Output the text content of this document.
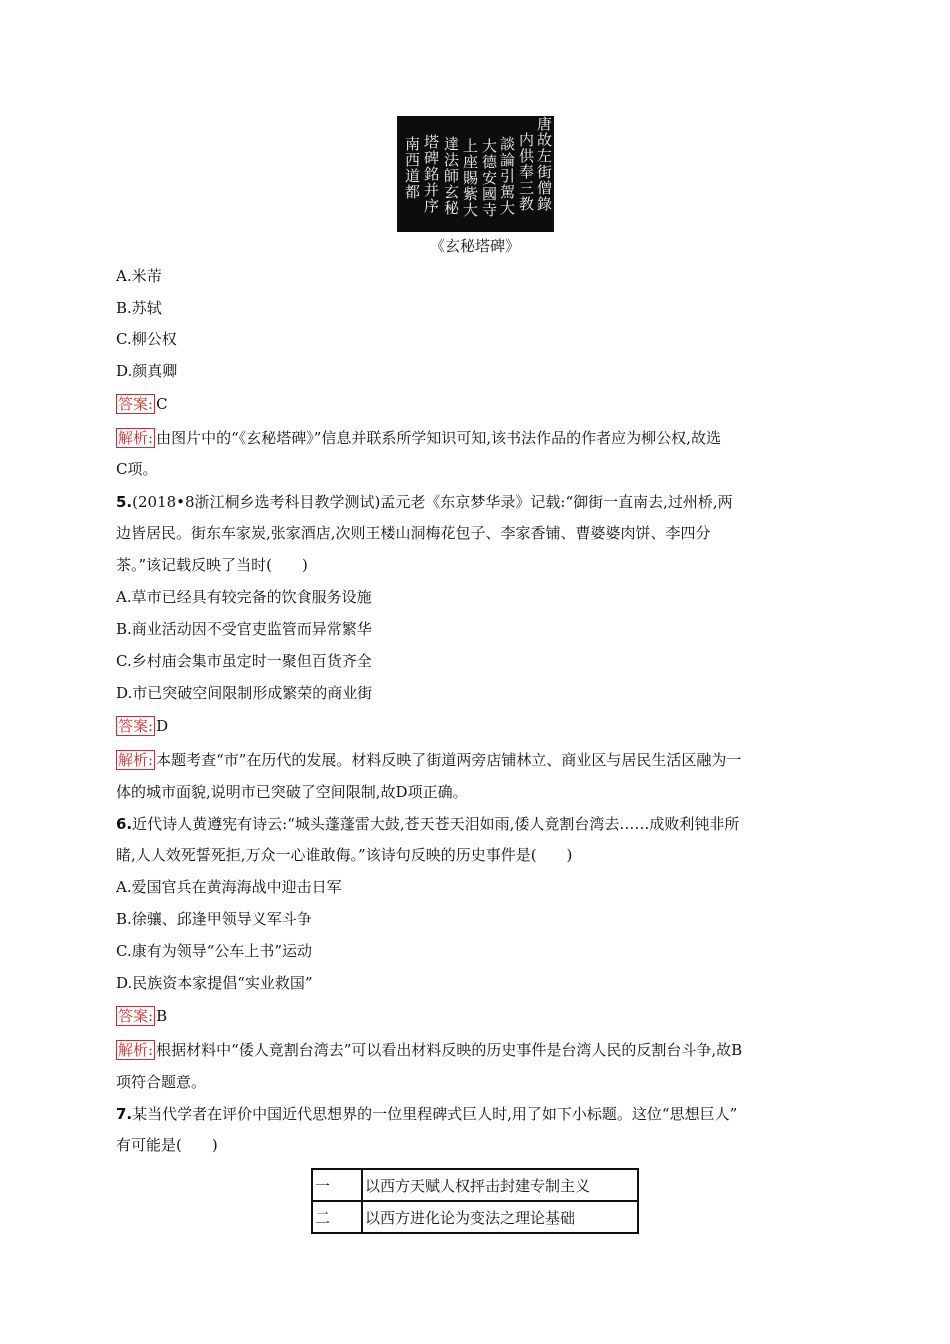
唐故左街僧錄
内供奉三教
談論引駕大
大德安國寺
上座賜紫大
達法師玄秘
塔碑銘并序
南西道都
《玄秘塔碑》
A.米芾
B.苏轼
C.柳公权
D.颜真卿
答案: C
解析: 由图片中的“《玄秘塔碑》”信息并联系所学知识可知,该书法作品的作者应为柳公权,故选
C项。
5.(2018•8浙江桐乡选考科目教学测试)孟元老《东京梦华录》记载:“御街一直南去,过州桥,两
边皆居民。街东车家炭,张家酒店,次则王楼山洞梅花包子、李家香铺、曹婆婆肉饼、李四分
茶。”该记载反映了当时(　　)
A.草市已经具有较完备的饮食服务设施
B.商业活动因不受官吏监管而异常繁华
C.乡村庙会集市虽定时一聚但百货齐全
D.市已突破空间限制形成繁荣的商业街
答案: D
解析: 本题考查“市”在历代的发展。材料反映了街道两旁店铺林立、商业区与居民生活区融为一
体的城市面貌,说明市已突破了空间限制,故D项正确。
6.近代诗人黄遵宪有诗云:“城头蓬蓬雷大鼓,苍天苍天泪如雨,倭人竟割台湾去……成败利钝非所
睹,人人效死誓死拒,万众一心谁敢侮。”该诗句反映的历史事件是(　　)
A.爱国官兵在黄海海战中迎击日军
B.徐骧、邱逢甲领导义军斗争
C.康有为领导“公车上书”运动
D.民族资本家提倡“实业救国”
答案: B
解析: 根据材料中“倭人竟割台湾去”可以看出材料反映的历史事件是台湾人民的反割台斗争,故B
项符合题意。
7.某当代学者在评价中国近代思想界的一位里程碑式巨人时,用了如下小标题。这位“思想巨人”
有可能是(　　)
一	以西方天赋人权抨击封建专制主义
二	以西方进化论为变法之理论基础
